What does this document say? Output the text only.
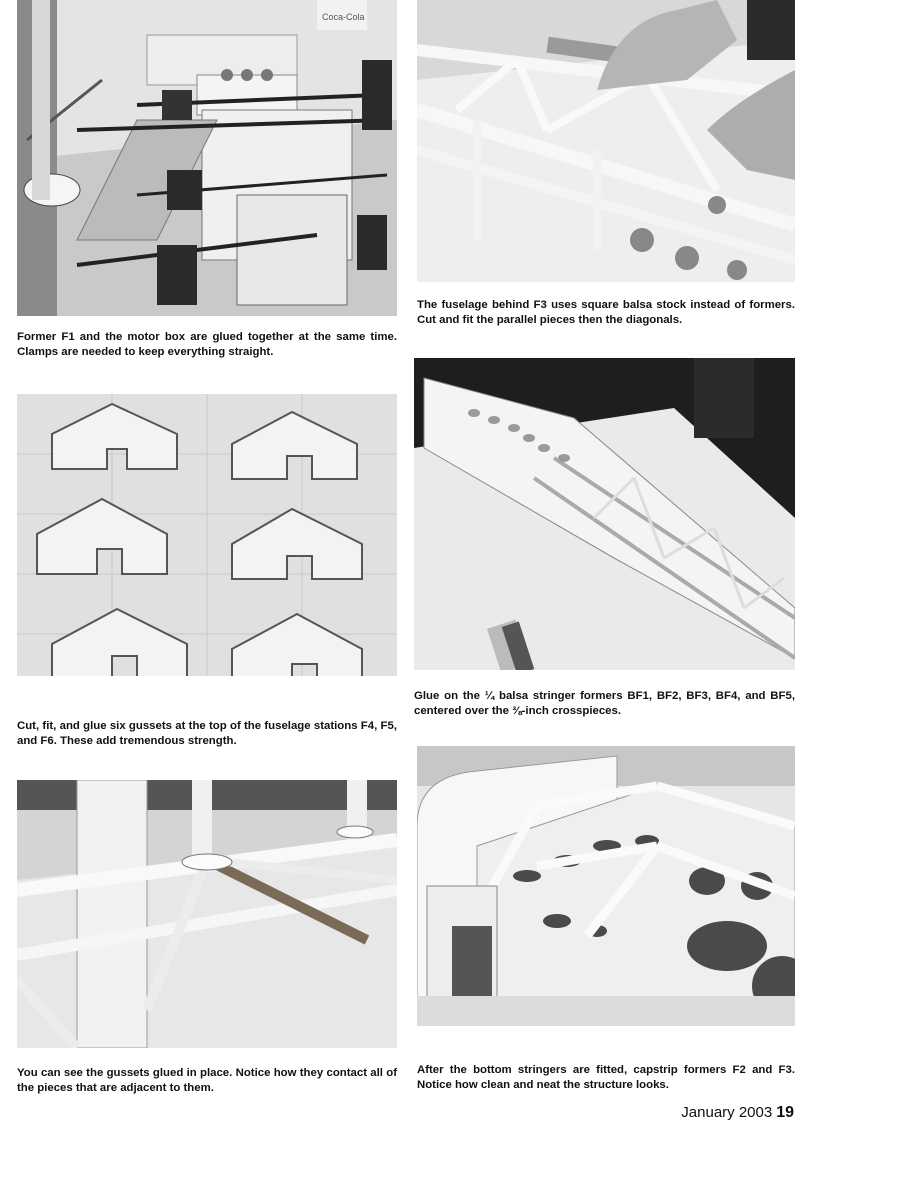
Coca-Cola

Former F1 and the motor box are glued together at the same time. Clamps are needed to keep everything straight.

The fuselage behind F3 uses square balsa stock instead of formers. Cut and fit the parallel pieces then the diagonals.

Cut, fit, and glue six gussets at the top of the fuselage stations F4, F5, and F6. These add tremendous strength.

Glue on the ¼ balsa stringer formers BF1, BF2, BF3, BF4, and BF5, centered over the ⅜-inch crosspieces.

You can see the gussets glued in place. Notice how they contact all of the pieces that are adjacent to them.

After the bottom stringers are fitted, capstrip formers F2 and F3. Notice how clean and neat the structure looks.

January 2003 19
